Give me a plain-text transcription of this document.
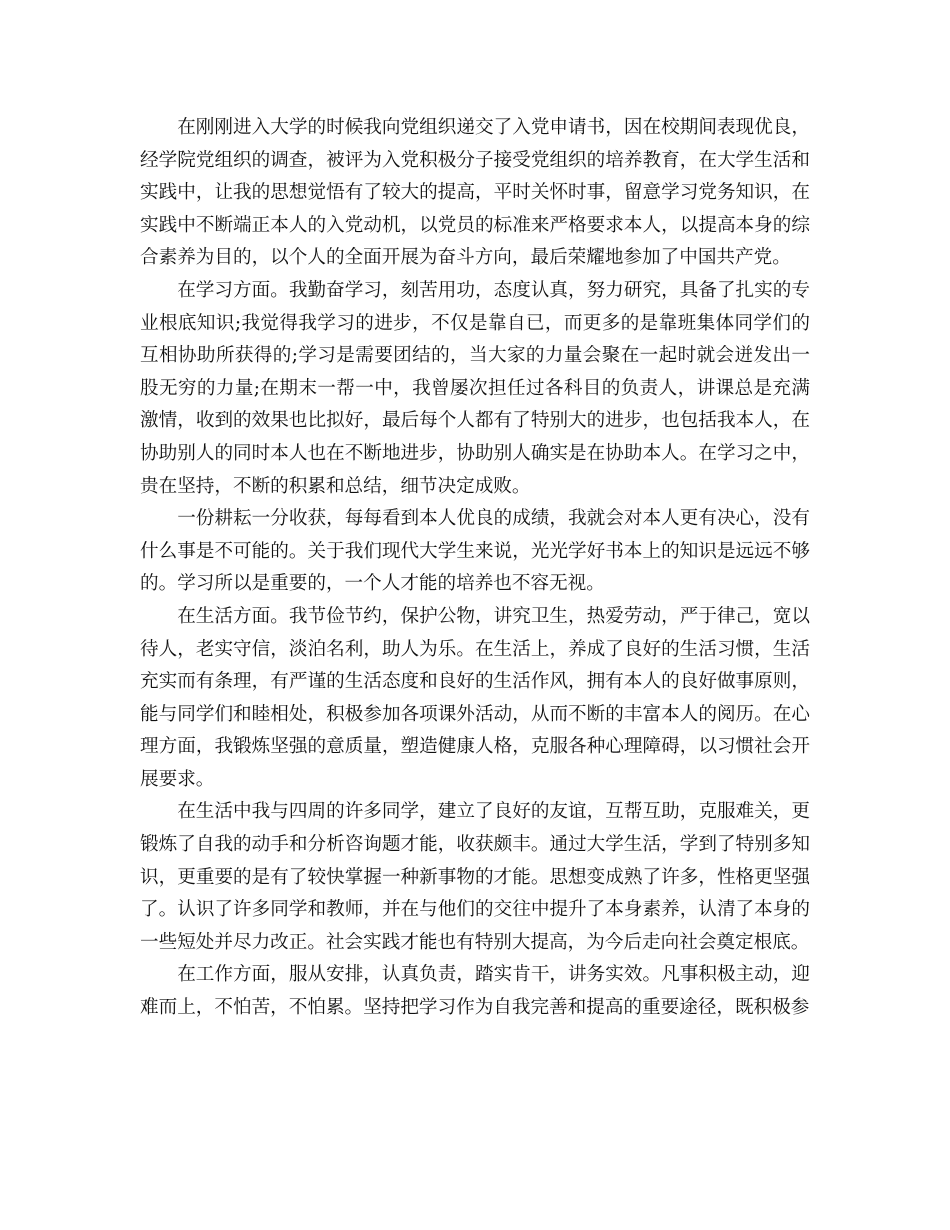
在刚刚进入大学的时候我向党组织递交了入党申请书，因在校期间表现优良，经学院党组织的调查，被评为入党积极分子接受党组织的培养教育，在大学生活和实践中，让我的思想觉悟有了较大的提高，平时关怀时事，留意学习党务知识，在实践中不断端正本人的入党动机，以党员的标准来严格要求本人，以提高本身的综合素养为目的，以个人的全面开展为奋斗方向，最后荣耀地参加了中国共产党。

在学习方面。我勤奋学习，刻苦用功，态度认真，努力研究，具备了扎实的专业根底知识;我觉得我学习的进步，不仅是靠自已，而更多的是靠班集体同学们的互相协助所获得的;学习是需要团结的，当大家的力量会聚在一起时就会迸发出一股无穷的力量;在期末一帮一中，我曾屡次担任过各科目的负责人，讲课总是充满激情，收到的效果也比拟好，最后每个人都有了特别大的进步，也包括我本人，在协助别人的同时本人也在不断地进步，协助别人确实是在协助本人。在学习之中，贵在坚持，不断的积累和总结，细节决定成败。

一份耕耘一分收获，每每看到本人优良的成绩，我就会对本人更有决心，没有什么事是不可能的。关于我们现代大学生来说，光光学好书本上的知识是远远不够的。学习所以是重要的，一个人才能的培养也不容无视。

在生活方面。我节俭节约，保护公物，讲究卫生，热爱劳动，严于律己，宽以待人，老实守信，淡泊名利，助人为乐。在生活上，养成了良好的生活习惯，生活充实而有条理，有严谨的生活态度和良好的生活作风，拥有本人的良好做事原则，能与同学们和睦相处，积极参加各项课外活动，从而不断的丰富本人的阅历。在心理方面，我锻炼坚强的意质量，塑造健康人格，克服各种心理障碍，以习惯社会开展要求。

在生活中我与四周的许多同学，建立了良好的友谊，互帮互助，克服难关，更锻炼了自我的动手和分析咨询题才能，收获颇丰。通过大学生活，学到了特别多知识，更重要的是有了较快掌握一种新事物的才能。思想变成熟了许多，性格更坚强了。认识了许多同学和教师，并在与他们的交往中提升了本身素养，认清了本身的一些短处并尽力改正。社会实践才能也有特别大提高，为今后走向社会奠定根底。

在工作方面，服从安排，认真负责，踏实肯干，讲务实效。凡事积极主动，迎难而上，不怕苦，不怕累。坚持把学习作为自我完善和提高的重要途径，既积极参
